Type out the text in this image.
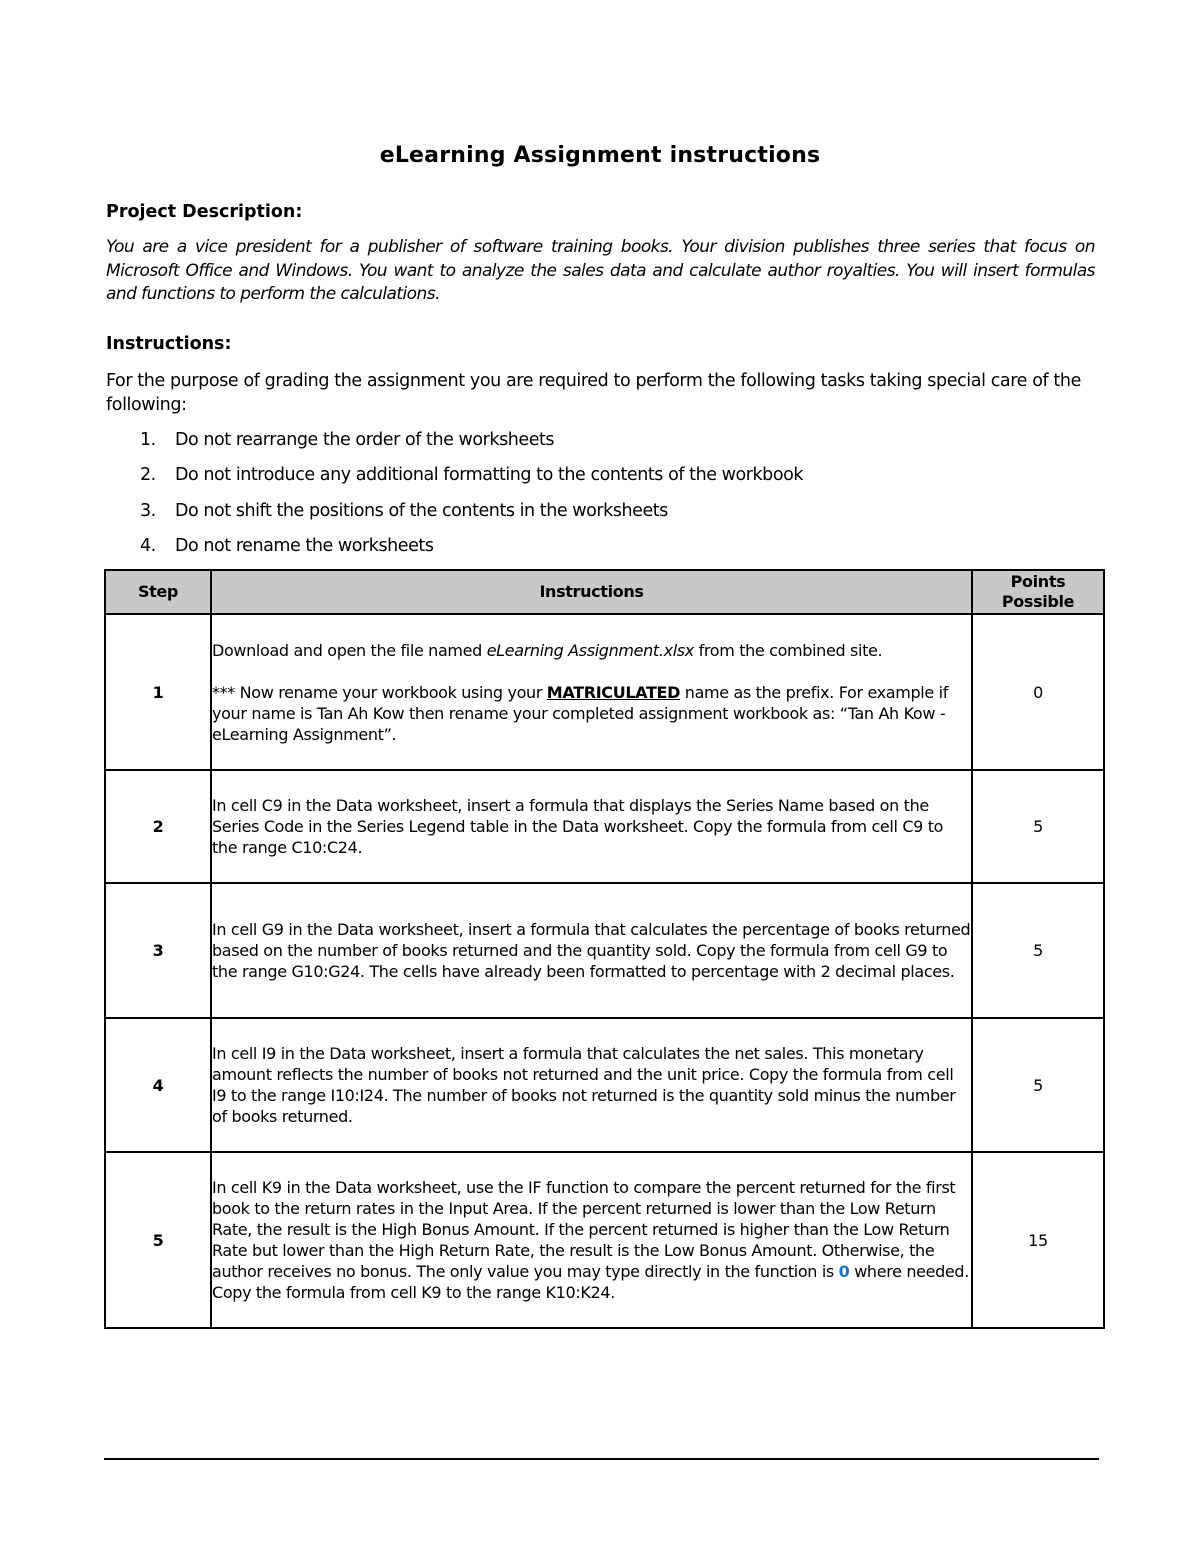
eLearning Assignment instructions
Project Description:

You are a vice president for a publisher of software training books. Your division publishes three series that focus on Microsoft Office and Windows. You want to analyze the sales data and calculate author royalties. You will insert formulas and functions to perform the calculations.

Instructions:

For the purpose of grading the assignment you are required to perform the following tasks taking special care of the following:

1. Do not rearrange the order of the worksheets
2. Do not introduce any additional formatting to the contents of the workbook
3. Do not shift the positions of the contents in the worksheets
4. Do not rename the worksheets
Step	Instructions	Points
Possible
1	Download and open the file named eLearning Assignment.xlsx from the combined site.

*** Now rename your workbook using your MATRICULATED name as the prefix. For example if your name is Tan Ah Kow then rename your completed assignment workbook as: “Tan Ah Kow - eLearning Assignment”.	0
2	In cell C9 in the Data worksheet, insert a formula that displays the Series Name based on the Series Code in the Series Legend table in the Data worksheet. Copy the formula from cell C9 to the range C10:C24.	5
3	In cell G9 in the Data worksheet, insert a formula that calculates the percentage of books returned based on the number of books returned and the quantity sold. Copy the formula from cell G9 to the range G10:G24. The cells have already been formatted to percentage with 2 decimal places.	5
4	In cell I9 in the Data worksheet, insert a formula that calculates the net sales. This monetary amount reflects the number of books not returned and the unit price. Copy the formula from cell I9 to the range I10:I24. The number of books not returned is the quantity sold minus the number of books returned.	5
5	In cell K9 in the Data worksheet, use the IF function to compare the percent returned for the first book to the return rates in the Input Area. If the percent returned is lower than the Low Return Rate, the result is the High Bonus Amount. If the percent returned is higher than the Low Return Rate but lower than the High Return Rate, the result is the Low Bonus Amount. Otherwise, the author receives no bonus. The only value you may type directly in the function is 0 where needed. Copy the formula from cell K9 to the range K10:K24.	15
